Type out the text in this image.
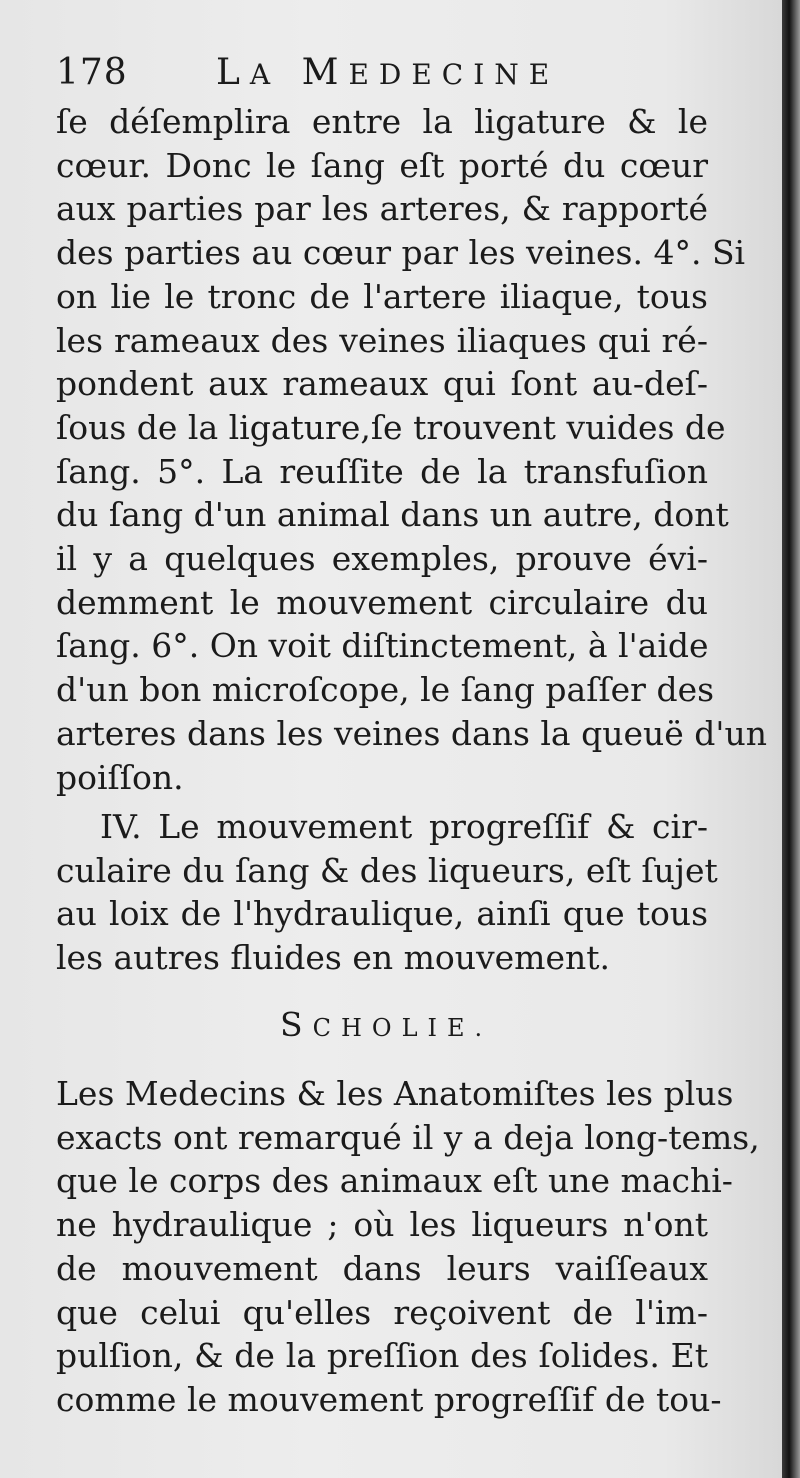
178 LA MEDECINE
ſe déſemplira entre la ligature & le
cœur. Donc le ſang eſt porté du cœur
aux parties par les arteres, & rapporté
des parties au cœur par les veines. 4°. Si
on lie le tronc de l'artere iliaque, tous
les rameaux des veines iliaques qui ré-
pondent aux rameaux qui ſont au-deſ-
ſous de la ligature,ſe trouvent vuides de
ſang. 5°. La reuſſite de la transfuſion
du ſang d'un animal dans un autre, dont
il y a quelques exemples, prouve évi-
demment le mouvement circulaire du
ſang. 6°. On voit diſtinctement, à l'aide
d'un bon microſcope, le ſang paſſer des
arteres dans les veines dans la queuë d'un
poiſſon.
IV. Le mouvement progreſſif & cir-
culaire du ſang & des liqueurs, eſt ſujet
au loix de l'hydraulique, ainſi que tous
les autres fluides en mouvement.
Les Medecins & les Anatomiſtes les plus
exacts ont remarqué il y a deja long-tems,
que le corps des animaux eſt une machi-
ne hydraulique ; où les liqueurs n'ont
de mouvement dans leurs vaiſſeaux
que celui qu'elles reçoivent de l'im-
pulſion, & de la preſſion des ſolides. Et
comme le mouvement progreſſif de tou-
SCHOLIE.
